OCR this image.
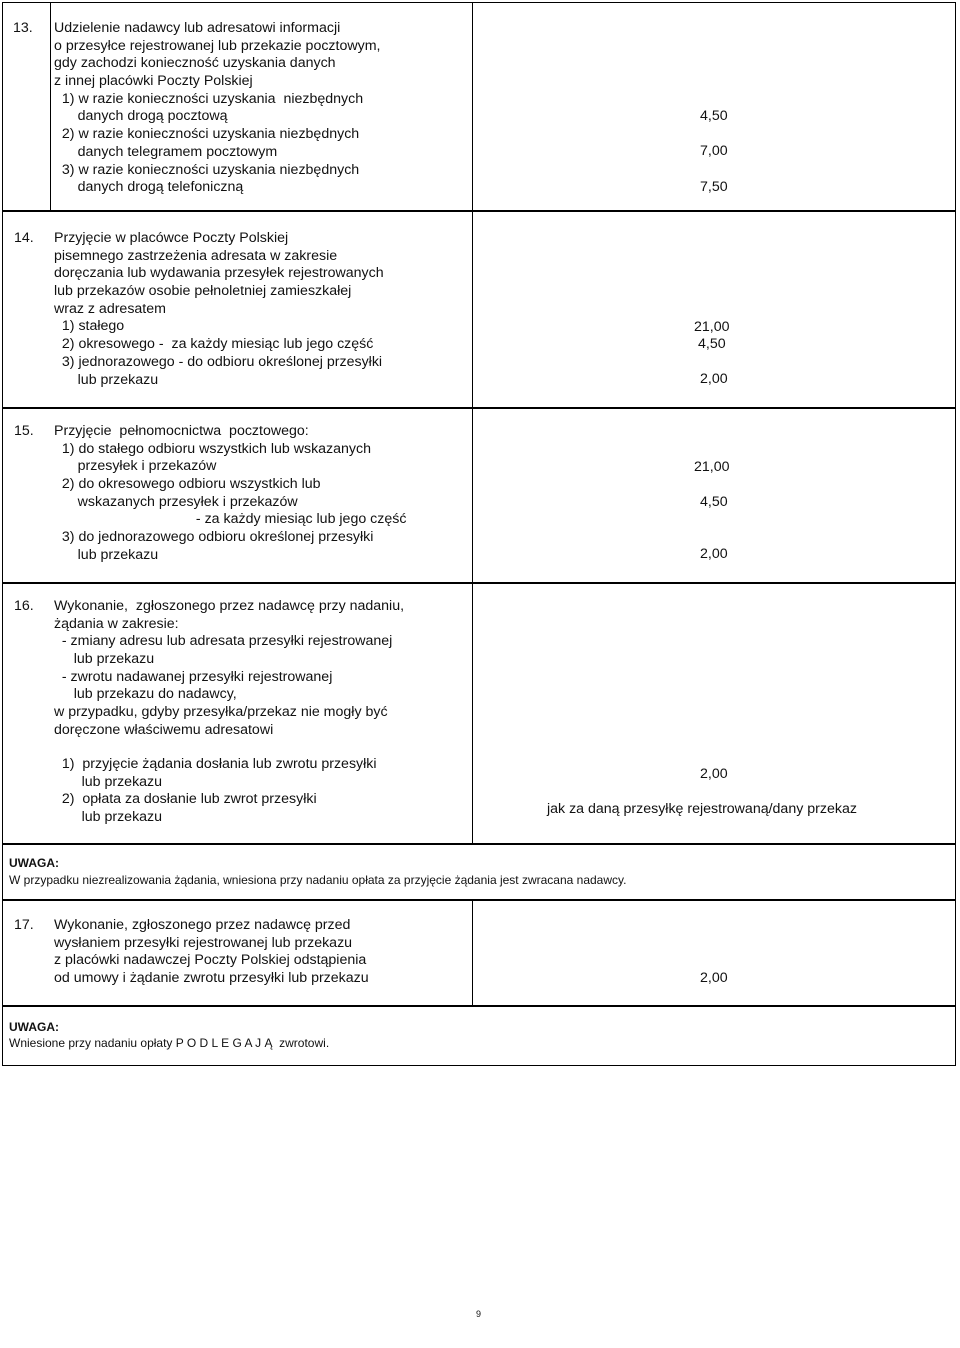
13. Udzielenie nadawcy lub adresatowi informacji
o przesyłce rejestrowanej lub przekazie pocztowym,
gdy zachodzi konieczność uzyskania danych
z innej placówki Poczty Polskiej
1) w razie konieczności uzyskania  niezbędnych
danych drogą pocztową
2) w razie konieczności uzyskania niezbędnych
danych telegramem pocztowym
3) w razie konieczności uzyskania niezbędnych
danych drogą telefoniczną
4,50
7,00
7,50
14. Przyjęcie w placówce Poczty Polskiej
pisemnego zastrzeżenia adresata w zakresie
doręczania lub wydawania przesyłek rejestrowanych
lub przekazów osobie pełnoletniej zamieszkałej
wraz z adresatem
1) stałego
2) okresowego -  za każdy miesiąc lub jego część
3) jednorazowego - do odbioru określonej przesyłki
lub przekazu
21,00
4,50
2,00
15. Przyjęcie  pełnomocnictwa  pocztowego:
1) do stałego odbioru wszystkich lub wskazanych
przesyłek i przekazów
2) do okresowego odbioru wszystkich lub
wskazanych przesyłek i przekazów
- za każdy miesiąc lub jego część
3) do jednorazowego odbioru określonej przesyłki
lub przekazu
21,00
4,50
2,00
16. Wykonanie,  zgłoszonego przez nadawcę przy nadaniu,
żądania w zakresie:
- zmiany adresu lub adresata przesyłki rejestrowanej
lub przekazu
- zwrotu nadawanej przesyłki rejestrowanej
lub przekazu do nadawcy,
w przypadku, gdyby przesyłka/przekaz nie mogły być
doręczone właściwemu adresatowi
1)  przyjęcie żądania dosłania lub zwrotu przesyłki
lub przekazu
2)  opłata za dosłanie lub zwrot przesyłki
lub przekazu
2,00
jak za daną przesyłkę rejestrowaną/dany przekaz
UWAGA:
W przypadku niezrealizowania żądania, wniesiona przy nadaniu opłata za przyjęcie żądania jest zwracana nadawcy.
17. Wykonanie, zgłoszonego przez nadawcę przed
wysłaniem przesyłki rejestrowanej lub przekazu
z placówki nadawczej Poczty Polskiej odstąpienia
od umowy i żądanie zwrotu przesyłki lub przekazu	2,00
UWAGA:
Wniesione przy nadaniu opłaty P O D L E G A J Ą  zwrotowi.
9
